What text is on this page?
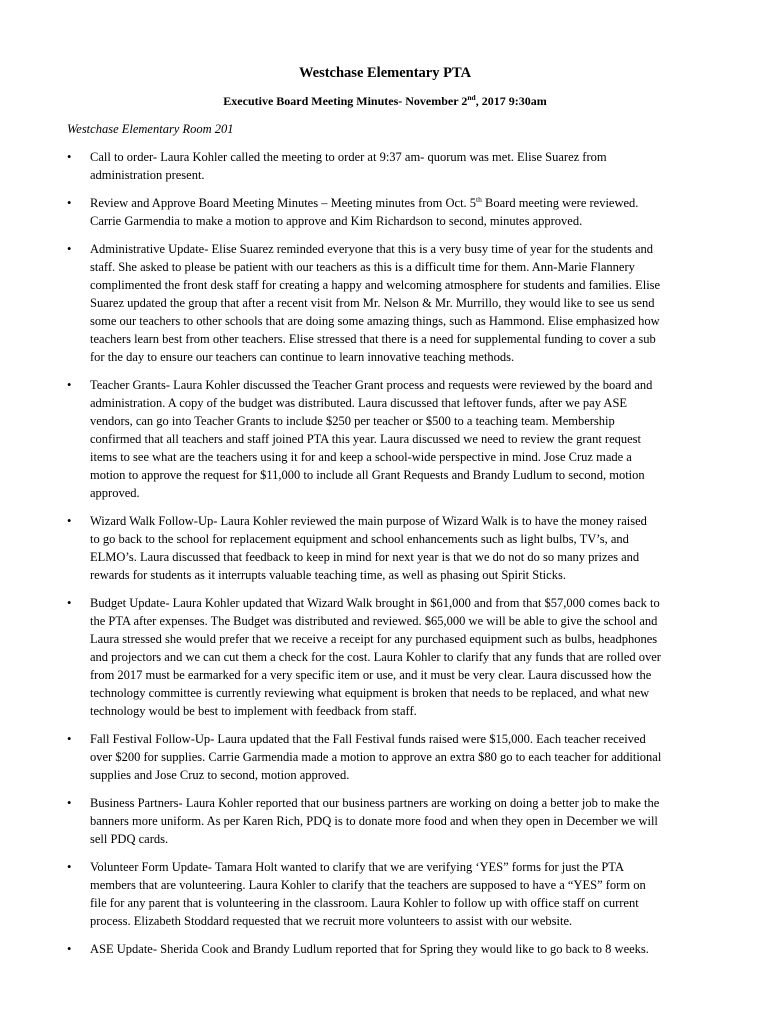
Westchase Elementary PTA
Executive Board Meeting Minutes- November 2nd, 2017 9:30am
Westchase Elementary Room 201
• Call to order- Laura Kohler called the meeting to order at 9:37 am- quorum was met. Elise Suarez from
administration present.
• Review and Approve Board Meeting Minutes – Meeting minutes from Oct. 5th Board meeting were reviewed.
Carrie Garmendia to make a motion to approve and Kim Richardson to second, minutes approved.
• Administrative Update- Elise Suarez reminded everyone that this is a very busy time of year for the students and
staff. She asked to please be patient with our teachers as this is a difficult time for them. Ann-Marie Flannery
complimented the front desk staff for creating a happy and welcoming atmosphere for students and families. Elise
Suarez updated the group that after a recent visit from Mr. Nelson & Mr. Murrillo, they would like to see us send
some our teachers to other schools that are doing some amazing things, such as Hammond. Elise emphasized how
teachers learn best from other teachers. Elise stressed that there is a need for supplemental funding to cover a sub
for the day to ensure our teachers can continue to learn innovative teaching methods.
• Teacher Grants- Laura Kohler discussed the Teacher Grant process and requests were reviewed by the board and
administration. A copy of the budget was distributed. Laura discussed that leftover funds, after we pay ASE
vendors, can go into Teacher Grants to include $250 per teacher or $500 to a teaching team. Membership
confirmed that all teachers and staff joined PTA this year. Laura discussed we need to review the grant request
items to see what are the teachers using it for and keep a school-wide perspective in mind. Jose Cruz made a
motion to approve the request for $11,000 to include all Grant Requests and Brandy Ludlum to second, motion
approved.
• Wizard Walk Follow-Up- Laura Kohler reviewed the main purpose of Wizard Walk is to have the money raised
to go back to the school for replacement equipment and school enhancements such as light bulbs, TV’s, and
ELMO’s. Laura discussed that feedback to keep in mind for next year is that we do not do so many prizes and
rewards for students as it interrupts valuable teaching time, as well as phasing out Spirit Sticks.
• Budget Update- Laura Kohler updated that Wizard Walk brought in $61,000 and from that $57,000 comes back to
the PTA after expenses. The Budget was distributed and reviewed. $65,000 we will be able to give the school and
Laura stressed she would prefer that we receive a receipt for any purchased equipment such as bulbs, headphones
and projectors and we can cut them a check for the cost. Laura Kohler to clarify that any funds that are rolled over
from 2017 must be earmarked for a very specific item or use, and it must be very clear. Laura discussed how the
technology committee is currently reviewing what equipment is broken that needs to be replaced, and what new
technology would be best to implement with feedback from staff.
• Fall Festival Follow-Up- Laura updated that the Fall Festival funds raised were $15,000. Each teacher received
over $200 for supplies. Carrie Garmendia made a motion to approve an extra $80 go to each teacher for additional
supplies and Jose Cruz to second, motion approved.
• Business Partners- Laura Kohler reported that our business partners are working on doing a better job to make the
banners more uniform. As per Karen Rich, PDQ is to donate more food and when they open in December we will
sell PDQ cards.
• Volunteer Form Update- Tamara Holt wanted to clarify that we are verifying ‘YES” forms for just the PTA
members that are volunteering. Laura Kohler to clarify that the teachers are supposed to have a “YES” form on
file for any parent that is volunteering in the classroom. Laura Kohler to follow up with office staff on current
process. Elizabeth Stoddard requested that we recruit more volunteers to assist with our website.
• ASE Update- Sherida Cook and Brandy Ludlum reported that for Spring they would like to go back to 8 weeks.
